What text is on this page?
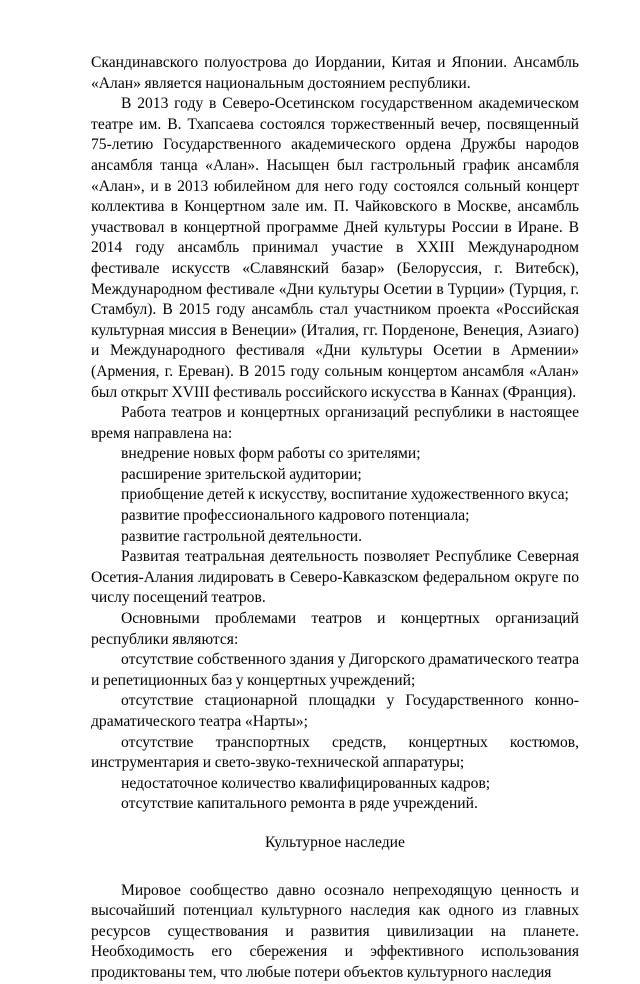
Скандинавского полуострова до Иордании, Китая и Японии. Ансамбль «Алан» является национальным достоянием республики.

В 2013 году в Северо-Осетинском государственном академическом театре им. В. Тхапсаева состоялся торжественный вечер, посвященный 75-летию Государственного академического ордена Дружбы народов ансамбля танца «Алан». Насыщен был гастрольный график ансамбля «Алан», и в 2013 юбилейном для него году состоялся сольный концерт коллектива в Концертном зале им. П. Чайковского в Москве, ансамбль участвовал в концертной программе Дней культуры России в Иране. В 2014 году ансамбль принимал участие в XXIII Международном фестивале искусств «Славянский базар» (Белоруссия, г. Витебск), Международном фестивале «Дни культуры Осетии в Турции» (Турция, г. Стамбул). В 2015 году ансамбль стал участником проекта «Российская культурная миссия в Венеции» (Италия, гг. Порденоне, Венеция, Азиаго) и Международного фестиваля «Дни культуры Осетии в Армении» (Армения, г. Ереван). В 2015 году сольным концертом ансамбля «Алан» был открыт XVIII фестиваль российского искусства в Каннах (Франция).

Работа театров и концертных организаций республики в настоящее время направлена на:

внедрение новых форм работы со зрителями;

расширение зрительской аудитории;

приобщение детей к искусству, воспитание художественного вкуса;

развитие профессионального кадрового потенциала;

развитие гастрольной деятельности.

Развитая театральная деятельность позволяет Республике Северная Осетия-Алания лидировать в Северо-Кавказском федеральном округе по числу посещений театров.

Основными проблемами театров и концертных организаций республики являются:

отсутствие собственного здания у Дигорского драматического театра и репетиционных баз у концертных учреждений;

отсутствие стационарной площадки у Государственного конно-драматического театра «Нарты»;

отсутствие транспортных средств, концертных костюмов, инструментария и свето-звуко-технической аппаратуры;

недостаточное количество квалифицированных кадров;

отсутствие капитального ремонта в ряде учреждений.

Культурное наследие

Мировое сообщество давно осознало непреходящую ценность и высочайший потенциал культурного наследия как одного из главных ресурсов существования и развития цивилизации на планете. Необходимость его сбережения и эффективного использования продиктованы тем, что любые потери объектов культурного наследия
